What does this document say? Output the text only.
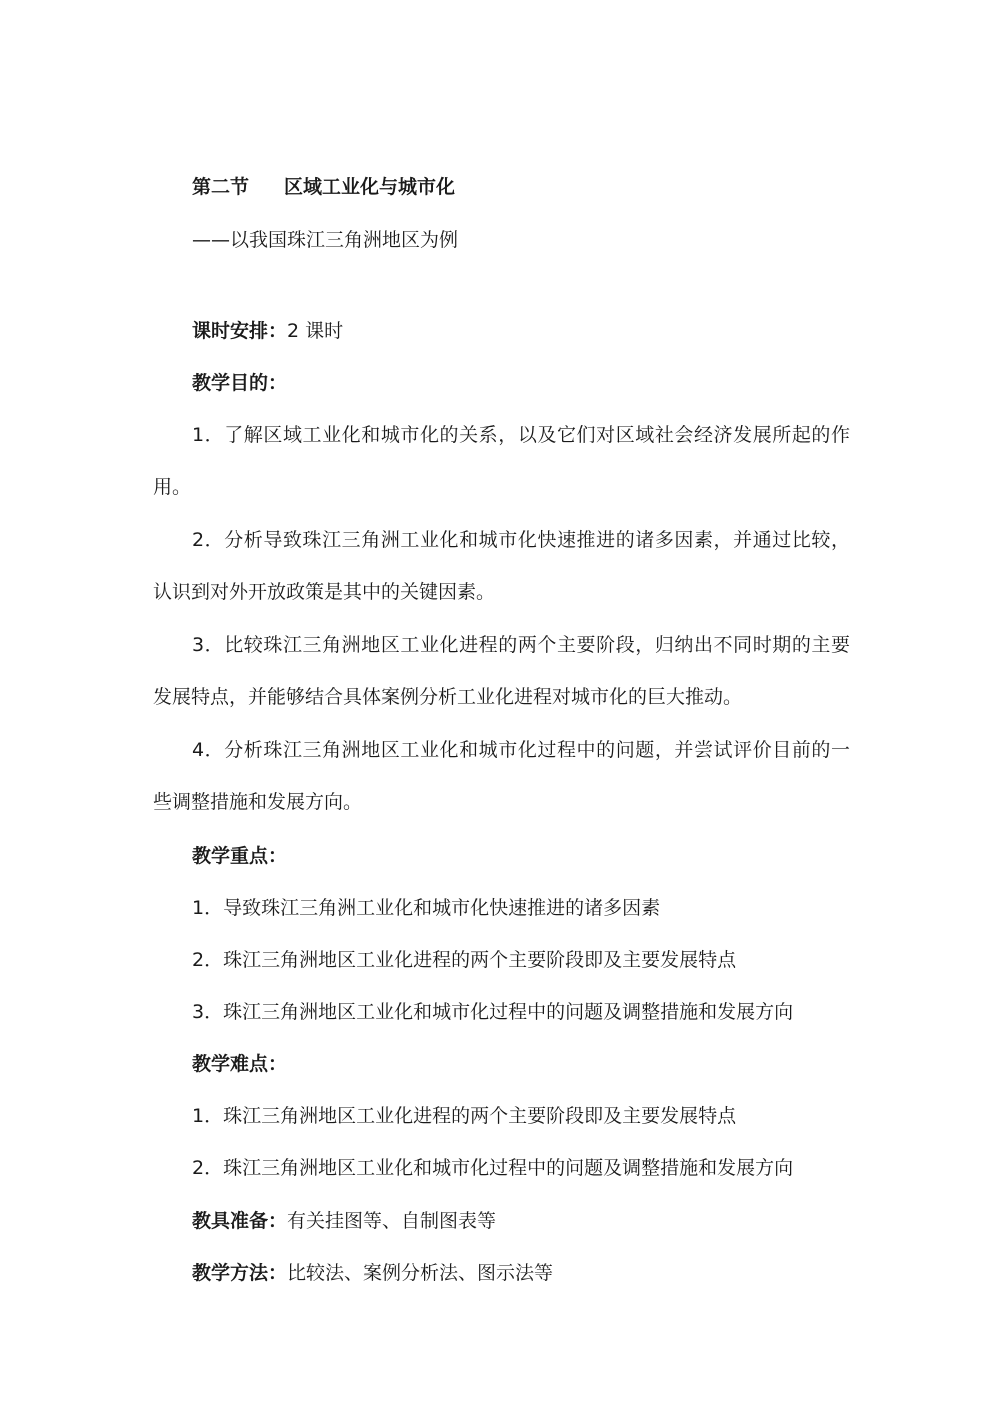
第二节 区域工业化与城市化
——以我国珠江三角洲地区为例
课时安排：2 课时
教学目的：
1．了解区域工业化和城市化的关系，以及它们对区域社会经济发展所起的作用。
2．分析导致珠江三角洲工业化和城市化快速推进的诸多因素，并通过比较，认识到对外开放政策是其中的关键因素。
3．比较珠江三角洲地区工业化进程的两个主要阶段，归纳出不同时期的主要发展特点，并能够结合具体案例分析工业化进程对城市化的巨大推动。
4．分析珠江三角洲地区工业化和城市化过程中的问题，并尝试评价目前的一些调整措施和发展方向。
教学重点：
1．导致珠江三角洲工业化和城市化快速推进的诸多因素
2．珠江三角洲地区工业化进程的两个主要阶段即及主要发展特点
3．珠江三角洲地区工业化和城市化过程中的问题及调整措施和发展方向
教学难点：
1．珠江三角洲地区工业化进程的两个主要阶段即及主要发展特点
2．珠江三角洲地区工业化和城市化过程中的问题及调整措施和发展方向
教具准备：有关挂图等、自制图表等
教学方法：比较法、案例分析法、图示法等
